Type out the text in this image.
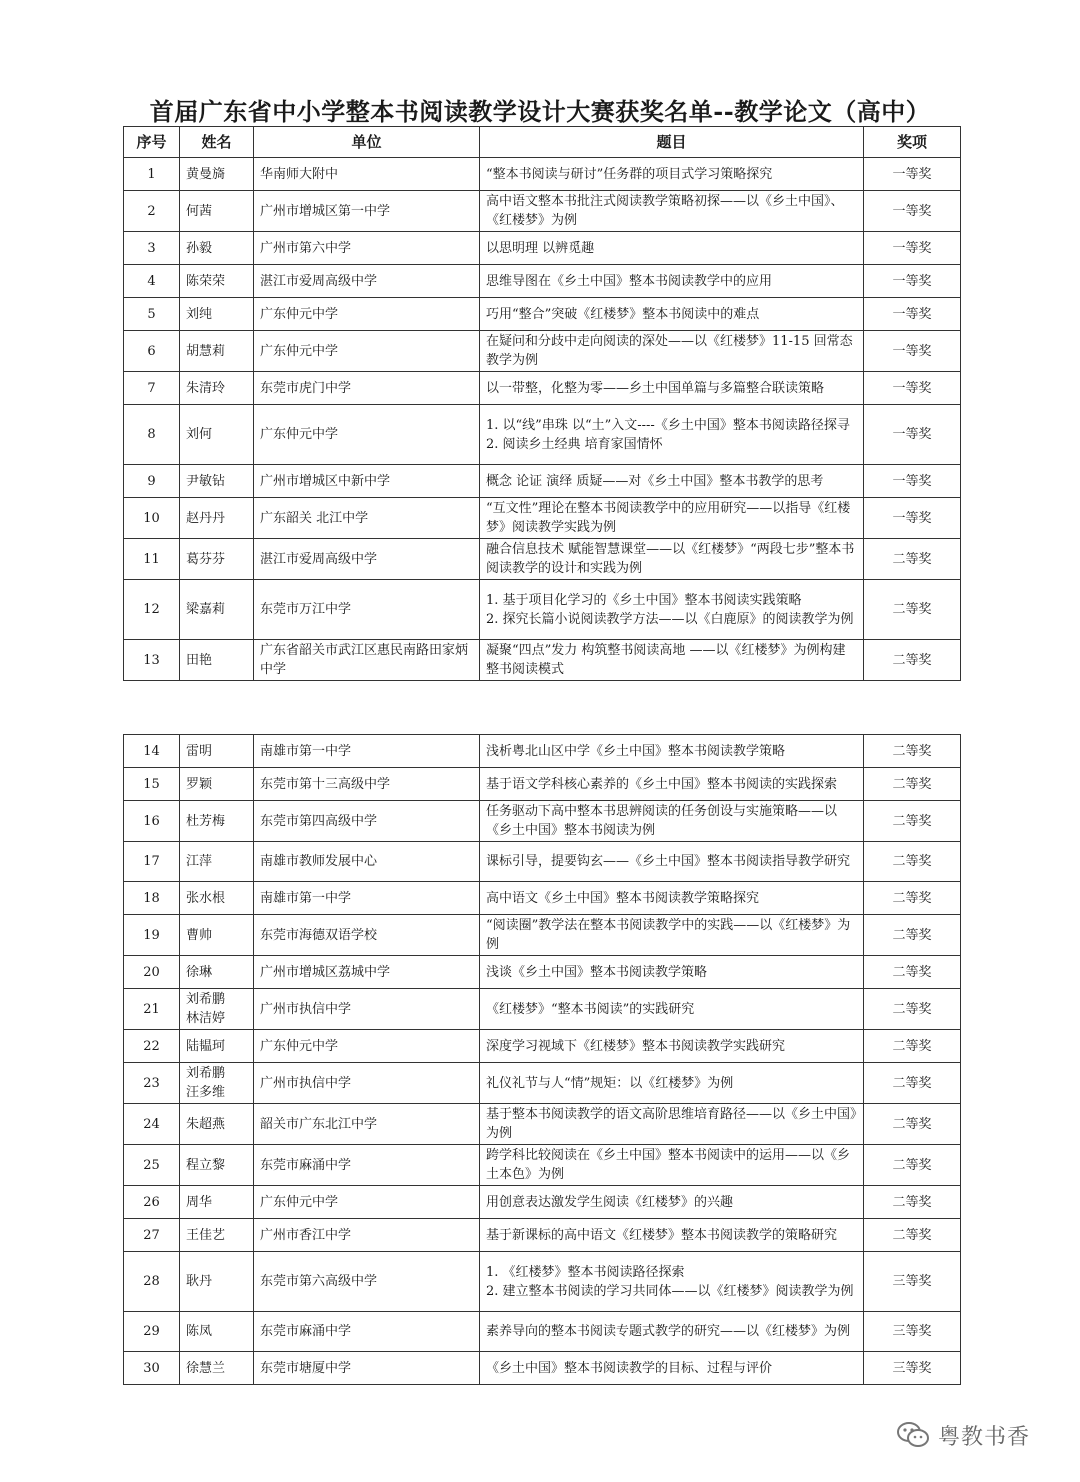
首届广东省中小学整本书阅读教学设计大赛获奖名单--教学论文（高中）
序号	姓名	单位	题目	奖项
1	黄曼旖	华南师大附中	“整本书阅读与研讨”任务群的项目式学习策略探究	一等奖
2	何茜	广州市增城区第一中学	高中语文整本书批注式阅读教学策略初探——以《乡土中国》、《红楼梦》为例	一等奖
3	孙毅	广州市第六中学	以思明理 以辨觅趣	一等奖
4	陈荣荣	湛江市爱周高级中学	思维导图在《乡土中国》整本书阅读教学中的应用	一等奖
5	刘纯	广东仲元中学	巧用“整合”突破《红楼梦》整本书阅读中的难点	一等奖
6	胡慧莉	广东仲元中学	在疑问和分歧中走向阅读的深处——以《红楼梦》11-15 回常态教学为例	一等奖
7	朱清玲	东莞市虎门中学	以一带整，化整为零——乡土中国单篇与多篇整合联读策略	一等奖
8	刘何	广东仲元中学	1. 以“线”串珠 以“土”入文----《乡土中国》整本书阅读路径探寻
2. 阅读乡土经典 培育家国情怀	一等奖
9	尹敏钻	广州市增城区中新中学	概念 论证 演绎 质疑——对《乡土中国》整本书教学的思考	一等奖
10	赵丹丹	广东韶关 北江中学	“互文性”理论在整本书阅读教学中的应用研究——以指导《红楼梦》阅读教学实践为例	一等奖
11	葛芬芬	湛江市爱周高级中学	融合信息技术 赋能智慧课堂——以《红楼梦》“两段七步”整本书阅读教学的设计和实践为例	二等奖
12	梁嘉莉	东莞市万江中学	1. 基于项目化学习的《乡土中国》整本书阅读实践策略
2. 探究长篇小说阅读教学方法——以《白鹿原》的阅读教学为例	二等奖
13	田艳	广东省韶关市武江区惠民南路田家炳中学	凝聚“四点”发力 构筑整书阅读高地 ——以《红楼梦》为例构建整书阅读模式	二等奖
14	雷明	南雄市第一中学	浅析粤北山区中学《乡土中国》整本书阅读教学策略	二等奖
15	罗颖	东莞市第十三高级中学	基于语文学科核心素养的《乡土中国》整本书阅读的实践探索	二等奖
16	杜芳梅	东莞市第四高级中学	任务驱动下高中整本书思辨阅读的任务创设与实施策略——以《乡土中国》整本书阅读为例	二等奖
17	江萍	南雄市教师发展中心	课标引导，提要钩玄——《乡土中国》整本书阅读指导教学研究	二等奖
18	张水根	南雄市第一中学	高中语文《乡土中国》整本书阅读教学策略探究	二等奖
19	曹帅	东莞市海德双语学校	“阅读圈”教学法在整本书阅读教学中的实践——以《红楼梦》为例	二等奖
20	徐琳	广州市增城区荔城中学	浅谈《乡土中国》整本书阅读教学策略	二等奖
21	刘希鹏
林洁婷	广州市执信中学	《红楼梦》“整本书阅读”的实践研究	二等奖
22	陆韫珂	广东仲元中学	深度学习视域下《红楼梦》整本书阅读教学实践研究	二等奖
23	刘希鹏
汪多维	广州市执信中学	礼仪礼节与人“情”规矩：以《红楼梦》为例	二等奖
24	朱超燕	韶关市广东北江中学	基于整本书阅读教学的语文高阶思维培育路径——以《乡土中国》为例	二等奖
25	程立黎	东莞市麻涌中学	跨学科比较阅读在《乡土中国》整本书阅读中的运用——以《乡土本色》为例	二等奖
26	周华	广东仲元中学	用创意表达激发学生阅读《红楼梦》的兴趣	二等奖
27	王佳艺	广州市香江中学	基于新课标的高中语文《红楼梦》整本书阅读教学的策略研究	二等奖
28	耿丹	东莞市第六高级中学	1. 《红楼梦》整本书阅读路径探索
2. 建立整本书阅读的学习共同体——以《红楼梦》阅读教学为例	三等奖
29	陈凤	东莞市麻涌中学	素养导向的整本书阅读专题式教学的研究——以《红楼梦》为例	三等奖
30	徐慧兰	东莞市塘厦中学	《乡土中国》整本书阅读教学的目标、过程与评价	三等奖
粤教书香
